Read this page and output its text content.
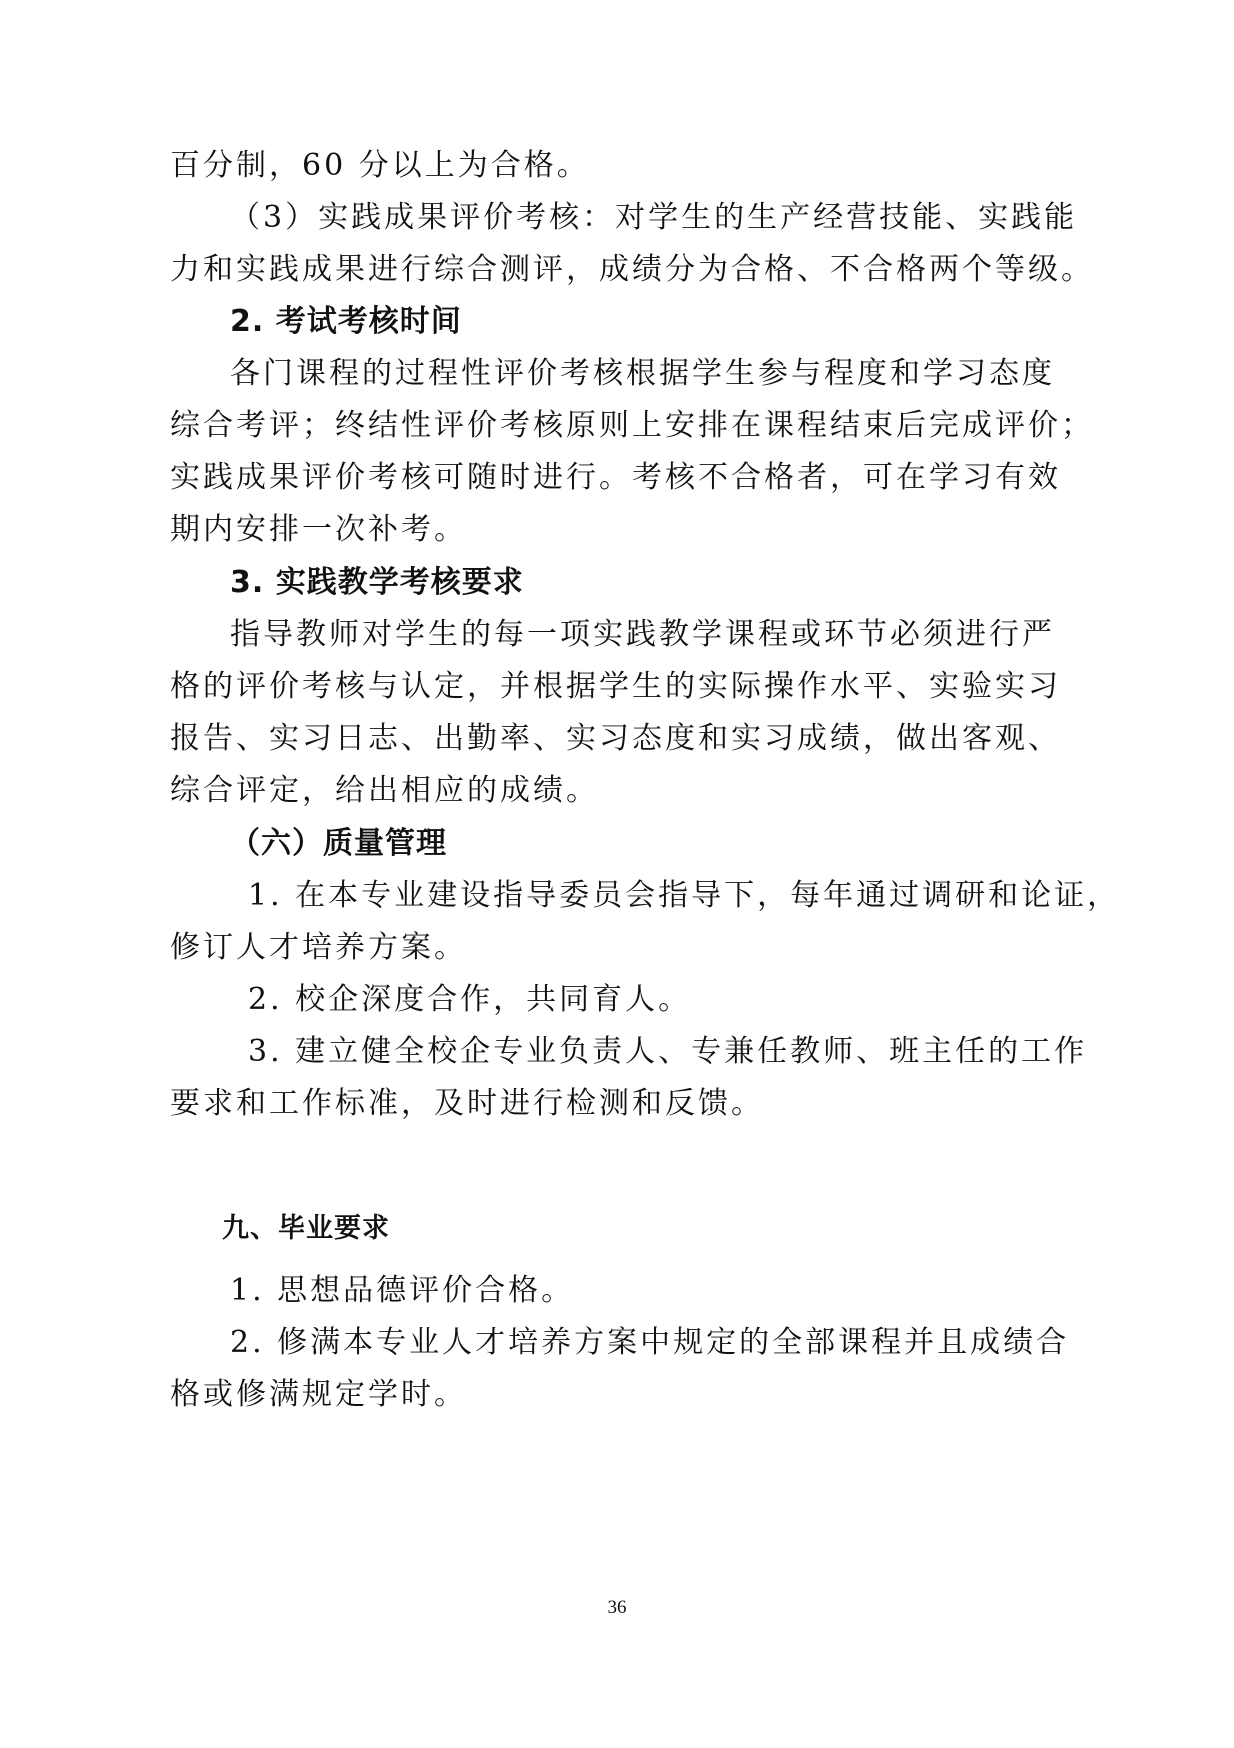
百分制，60 分以上为合格。

（3）实践成果评价考核：对学生的生产经营技能、实践能

力和实践成果进行综合测评，成绩分为合格、不合格两个等级。

2. 考试考核时间

各门课程的过程性评价考核根据学生参与程度和学习态度

综合考评；终结性评价考核原则上安排在课程结束后完成评价；

实践成果评价考核可随时进行。考核不合格者，可在学习有效

期内安排一次补考。

3. 实践教学考核要求

指导教师对学生的每一项实践教学课程或环节必须进行严

格的评价考核与认定，并根据学生的实际操作水平、实验实习

报告、实习日志、出勤率、实习态度和实习成绩，做出客观、

综合评定，给出相应的成绩。

（六）质量管理

1. 在本专业建设指导委员会指导下，每年通过调研和论证，

修订人才培养方案。

2. 校企深度合作，共同育人。

3. 建立健全校企专业负责人、专兼任教师、班主任的工作

要求和工作标准，及时进行检测和反馈。

九、毕业要求

1. 思想品德评价合格。

2. 修满本专业人才培养方案中规定的全部课程并且成绩合

格或修满规定学时。

36
